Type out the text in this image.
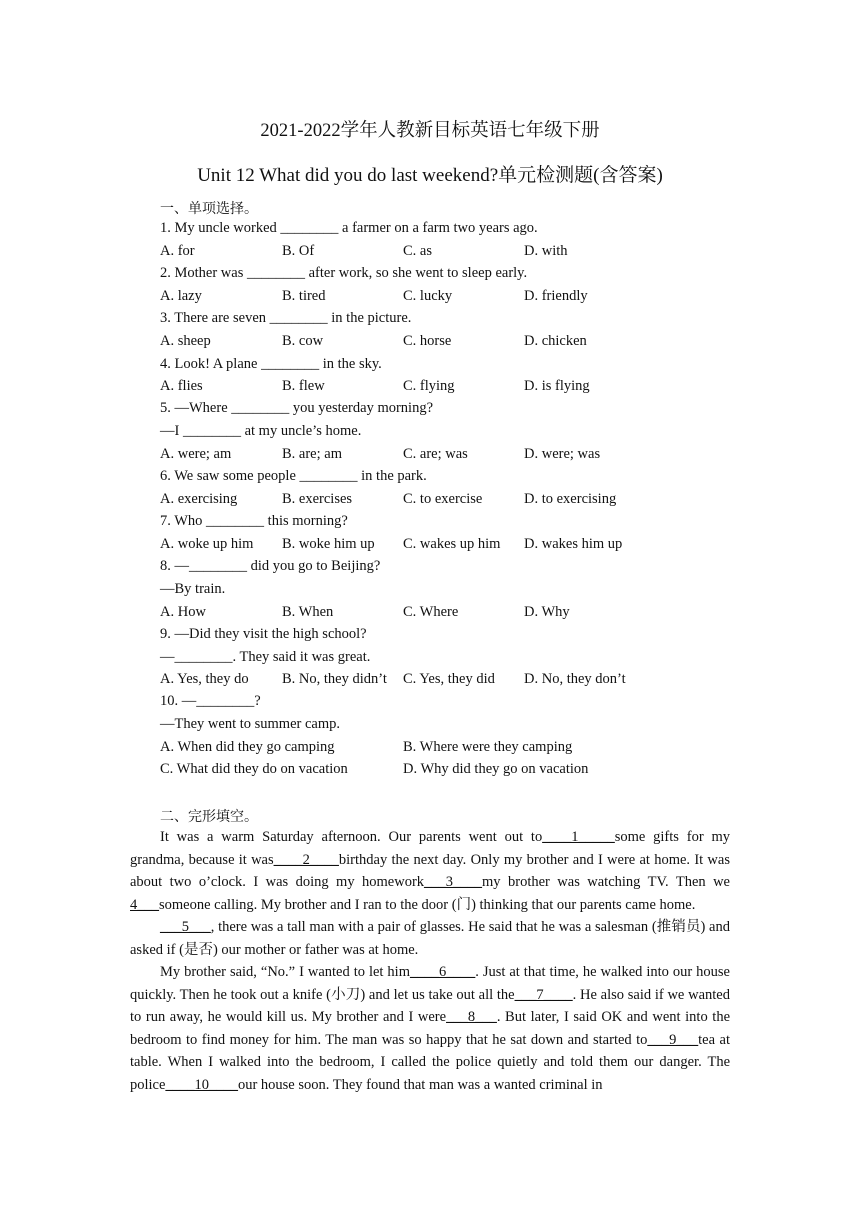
2021-2022学年人教新目标英语七年级下册
Unit 12 What did you do last weekend?单元检测题(含答案)
一、单项选择。
1. My uncle worked ________ a farmer on a farm two years ago.
A. for	B. Of	C. as	D. with
2. Mother was ________ after work, so she went to sleep early.
A. lazy	B. tired	C. lucky	D. friendly
3. There are seven ________ in the picture.
A. sheep	B. cow	C. horse	D. chicken
4. Look! A plane ________ in the sky.
A. flies	B. flew	C. flying	D. is flying
5. —Where ________ you yesterday morning?
—I ________ at my uncle’s home.
A. were; am	B. are; am	C. are; was	D. were; was
6. We saw some people ________ in the park.
A. exercising	B. exercises	C. to exercise	D. to exercising
7. Who ________ this morning?
A. woke up him B. woke him up C. wakes up him D. wakes him up
8. —________ did you go to Beijing?
—By train.
A. How	B. When	C. Where	D. Why
9. —Did they visit the high school?
—________. They said it was great.
A. Yes, they do B. No, they didn’t C. Yes, they did D. No, they don’t
10. —________?
—They went to summer camp.
A. When did they go camping	B. Where were they camping
C. What did they do on vacation	D. Why did they go on vacation
二、完形填空。

It was a warm Saturday afternoon. Our parents went out to____1_____some gifts for my grandma, because it was____2____birthday the next day. Only my brother and I were at home. It was about two o’clock. I was doing my homework___3____my brother was watching TV. Then we 4___someone calling. My brother and I ran to the door (门) thinking that our parents came home.

___5___, there was a tall man with a pair of glasses. He said that he was a salesman (推销员) and asked if (是否) our mother or father was at home.

My brother said, “No.” I wanted to let him____6____. Just at that time, he walked into our house quickly. Then he took out a knife (小刀) and let us take out all the___7____. He also said if we wanted to run away, he would kill us. My brother and I were___8___. But later, I said OK and went into the bedroom to find money for him. The man was so happy that he sat down and started to___9___tea at table. When I walked into the bedroom, I called the police quietly and told them our danger. The police____10____our house soon. They found that man was a wanted criminal in
